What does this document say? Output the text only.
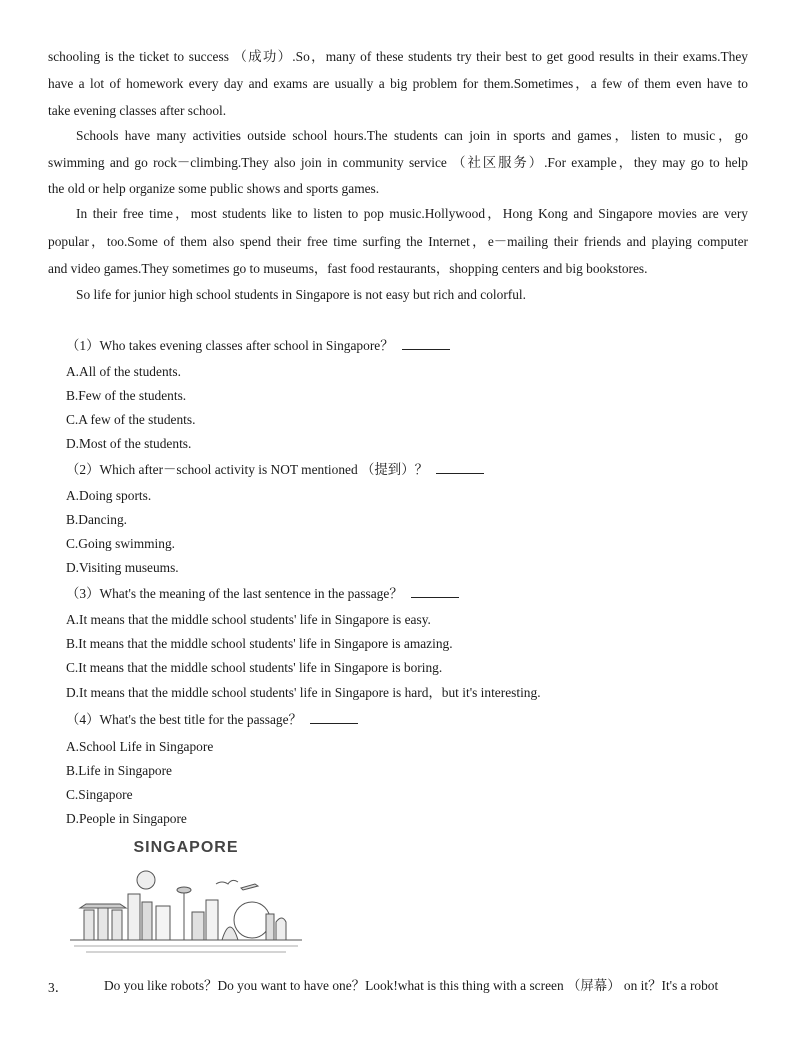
schooling is the ticket to success （成功）.So，many of these students try their best to get good results in their exams.They
have a lot of homework every day and exams are usually a big problem for them.Sometimes，a few of them even have to
take evening classes after school.
Schools have many activities outside school hours.The students can join in sports and games，listen to music，go
swimming and go rock－climbing.They also join in community service （社区服务）.For example，they may go to help
the old or help organize some public shows and sports games.
In their free time，most students like to listen to pop music.Hollywood，Hong Kong and Singapore movies are very
popular，too.Some of them also spend their free time surfing the Internet，e－mailing their friends and playing computer
and video games.They sometimes go to museums，fast food restaurants，shopping centers and big bookstores.
So life for junior high school students in Singapore is not easy but rich and colorful.
（1）Who takes evening classes after school in Singapore？
A.All of the students.
B.Few of the students.
C.A few of the students.
D.Most of the students.
（2）Which after－school activity is NOT mentioned （提到）？
A.Doing sports.
B.Dancing.
C.Going swimming.
D.Visiting museums.
（3）What's the meaning of the last sentence in the passage？
A.It means that the middle school students' life in Singapore is easy.
B.It means that the middle school students' life in Singapore is amazing.
C.It means that the middle school students' life in Singapore is boring.
D.It means that the middle school students' life in Singapore is hard，but it's interesting.
（4）What's the best title for the passage？
A.School Life in Singapore
B.Life in Singapore
C.Singapore
D.People in Singapore
SINGAPORE
3．	Do you like robots？Do you want to have one？Look!what is this thing with a screen （屏幕） on it？It's a robot
